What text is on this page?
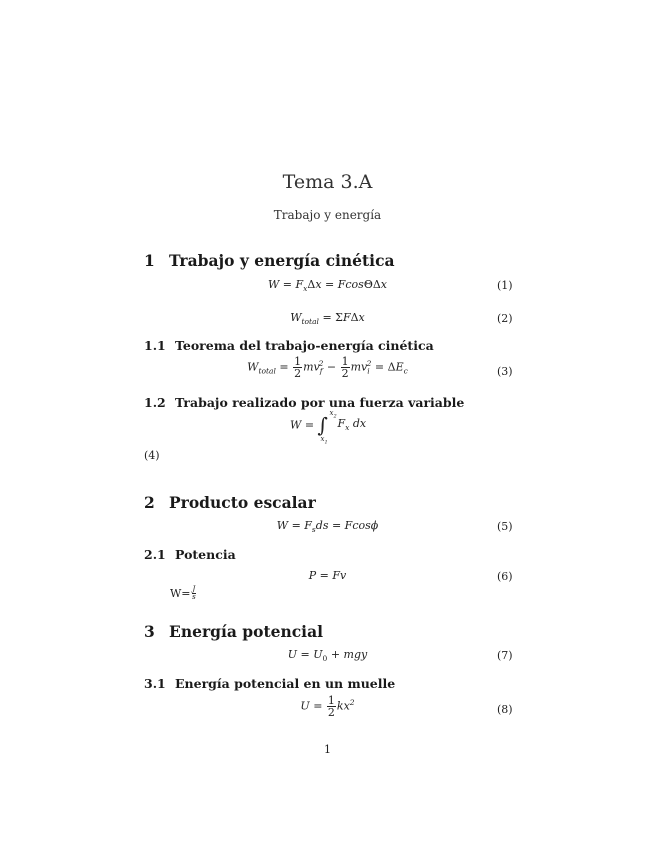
Tema 3.A
Trabajo y energía
1 Trabajo y energía cinética
$W = F_x\Delta x = Fcos\Theta\Delta x$	(1)
$W_{total} = \Sigma F\Delta x$	(2)
1.1 Teorema del trabajo-energía cinética
$W_{total} = \frac{1}{2} mv_f^2 - \frac{1}{2} mv_i^2 = \Delta E_c$	(3)
1.2 Trabajo realizado por una fuerza variable
W = ∫ $x_2$
$x_1$
$F_x$ dx
(4)
2 Producto escalar
$W = F_sds = Fcos\phi$	(5)
2.1 Potencia
P = Fv	(6)
$W= \frac{J}{s}$
3 Energía potencial
$U = U_0$ + mgy	(7)
3.1 Energía potencial en un muelle
$U = \frac{1}{2} kx^2$
(8)
1
